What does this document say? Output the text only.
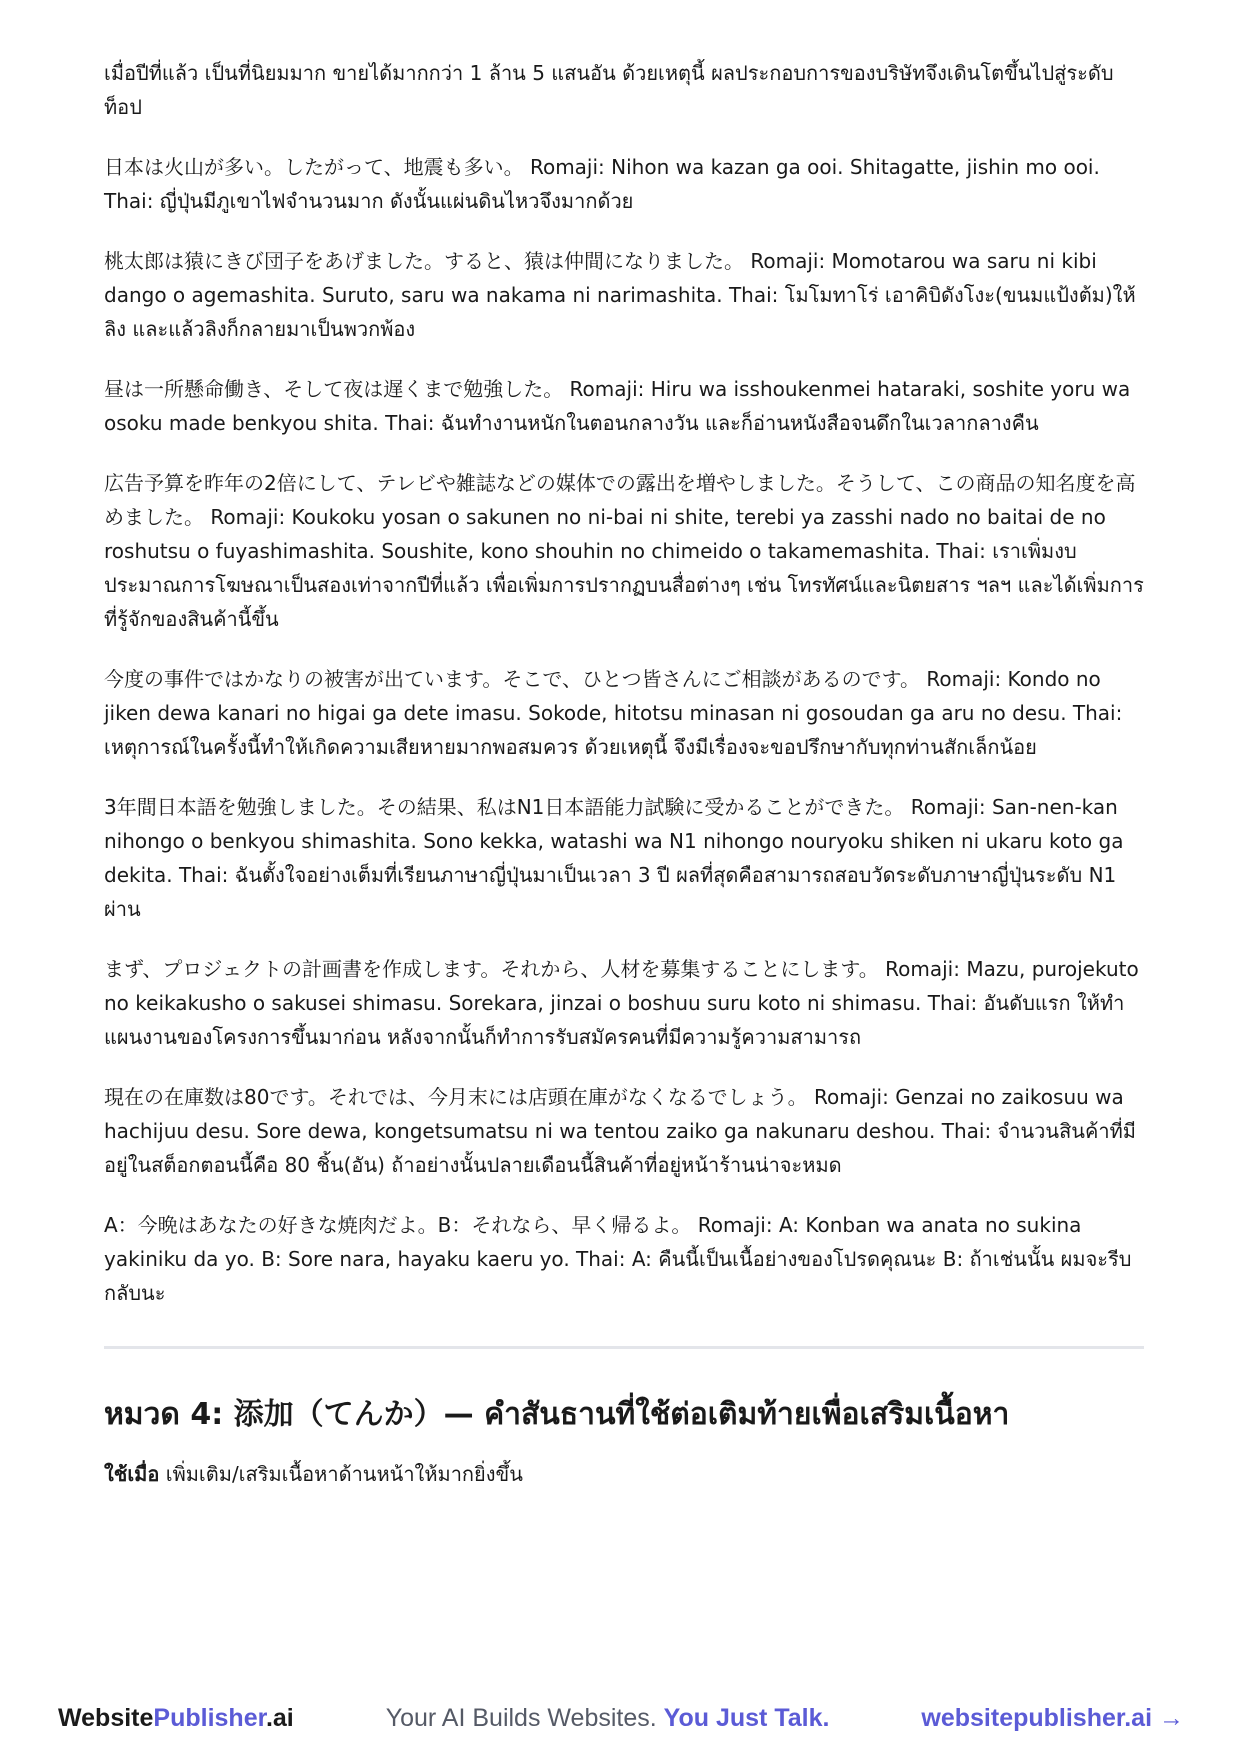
เมื่อปีที่แล้ว เป็นที่นิยมมาก ขายได้มากกว่า 1 ล้าน 5 แสนอัน ด้วยเหตุนี้ ผลประกอบการของบริษัทจึงเดินโตขึ้นไปสู่ระดับท็อป

日本は火山が多い。したがって、地震も多い。 Romaji: Nihon wa kazan ga ooi. Shitagatte, jishin mo ooi. Thai: ญี่ปุ่นมีภูเขาไฟจำนวนมาก ดังนั้นแผ่นดินไหวจึงมากด้วย

桃太郎は猿にきび団子をあげました。すると、猿は仲間になりました。 Romaji: Momotarou wa saru ni kibi dango o agemashita. Suruto, saru wa nakama ni narimashita. Thai: โมโมทาโร่ เอาคิบิดังโงะ(ขนมแป้งต้ม)ให้ลิง และแล้วลิงก็กลายมาเป็นพวกพ้อง

昼は一所懸命働き、そして夜は遅くまで勉強した。 Romaji: Hiru wa isshoukenmei hataraki, soshite yoru wa osoku made benkyou shita. Thai: ฉันทำงานหนักในตอนกลางวัน และก็อ่านหนังสือจนดึกในเวลากลางคืน

広告予算を昨年の2倍にして、テレビや雑誌などの媒体での露出を増やしました。そうして、この商品の知名度を高めました。 Romaji: Koukoku yosan o sakunen no ni-bai ni shite, terebi ya zasshi nado no baitai de no roshutsu o fuyashimashita. Soushite, kono shouhin no chimeido o takamemashita. Thai: เราเพิ่มงบประมาณการโฆษณาเป็นสองเท่าจากปีที่แล้ว เพื่อเพิ่มการปรากฏบนสื่อต่างๆ เช่น โทรทัศน์และนิตยสาร ฯลฯ และได้เพิ่มการที่รู้จักของสินค้านี้ขึ้น

今度の事件ではかなりの被害が出ています。そこで、ひとつ皆さんにご相談があるのです。 Romaji: Kondo no jiken dewa kanari no higai ga dete imasu. Sokode, hitotsu minasan ni gosoudan ga aru no desu. Thai: เหตุการณ์ในครั้งนี้ทำให้เกิดความเสียหายมากพอสมควร ด้วยเหตุนี้ จึงมีเรื่องจะขอปรึกษากับทุกท่านสักเล็กน้อย

3年間日本語を勉強しました。その結果、私はN1日本語能力試験に受かることができた。 Romaji: San-nen-kan nihongo o benkyou shimashita. Sono kekka, watashi wa N1 nihongo nouryoku shiken ni ukaru koto ga dekita. Thai: ฉันตั้งใจอย่างเต็มที่เรียนภาษาญี่ปุ่นมาเป็นเวลา 3 ปี ผลที่สุดคือสามารถสอบวัดระดับภาษาญี่ปุ่นระดับ N1 ผ่าน

まず、プロジェクトの計画書を作成します。それから、人材を募集することにします。 Romaji: Mazu, purojekuto no keikakusho o sakusei shimasu. Sorekara, jinzai o boshuu suru koto ni shimasu. Thai: อันดับแรก ให้ทำแผนงานของโครงการขึ้นมาก่อน หลังจากนั้นก็ทำการรับสมัครคนที่มีความรู้ความสามารถ

現在の在庫数は80です。それでは、今月末には店頭在庫がなくなるでしょう。 Romaji: Genzai no zaikosuu wa hachijuu desu. Sore dewa, kongetsumatsu ni wa tentou zaiko ga nakunaru deshou. Thai: จำนวนสินค้าที่มีอยู่ในสต็อกตอนนี้คือ 80 ชิ้น(อัน) ถ้าอย่างนั้นปลายเดือนนี้สินค้าที่อยู่หน้าร้านน่าจะหมด

A：今晩はあなたの好きな焼肉だよ。B：それなら、早く帰るよ。 Romaji: A: Konban wa anata no sukina yakiniku da yo. B: Sore nara, hayaku kaeru yo. Thai: A: คืนนี้เป็นเนื้อย่างของโปรดคุณนะ B: ถ้าเช่นนั้น ผมจะรีบกลับนะ

หมวด 4: 添加（てんか）— คำสันธานที่ใช้ต่อเติมท้ายเพื่อเสริมเนื้อหา

ใช้เมื่อ เพิ่มเติม/เสริมเนื้อหาด้านหน้าให้มากยิ่งขึ้น

WebsitePublisher.ai	Your AI Builds Websites. You Just Talk.	websitepublisher.ai →
